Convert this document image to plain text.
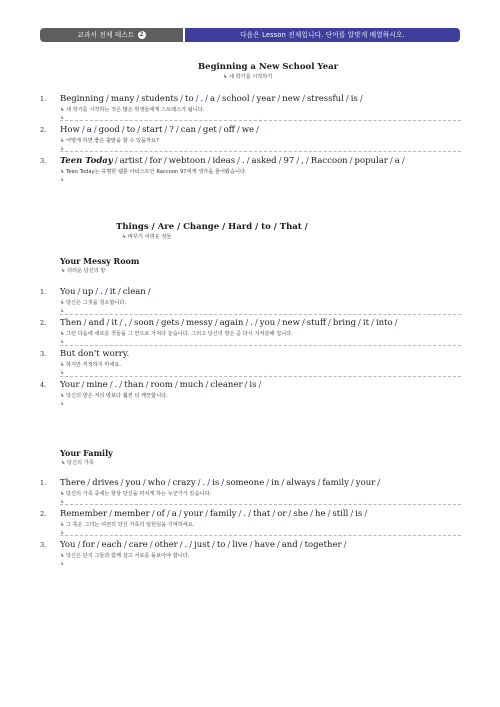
교과서 전체 테스트 2	다음은 Lesson 전체입니다. 단어를 알맞게 배열하시오.
Beginning a New School Year
↳ 새 학기를 시작하기
Things / Are / Change / Hard / to / That /
↳ 바꾸기 어려운 것들
Your Messy Room
↳ 더러운 당신의 방
Your Family
↳ 당신의 가족
1. Beginning / many / students / to / . / a / school / year / new / stressful / is /
↳ 새 학기를 시작하는 것은 많은 학생들에게 스트레스가 됩니다.
↳
2. How / a / good / to / start / ? / can / get / off / we /
↳ 어떻게 하면 좋은 출발을 할 수 있을까요?
↳
3. Teen Today / artist / for / webtoon / ideas / . / asked / 97 / , / Raccoon / popular / a /
↳ Teen Today는 유명한 웹툰 아티스트인 Raccoon 97에게 생각을 물어봤습니다.
↳
1. You / up / . / it / clean /
↳ 당신은 그것을 청소합니다.
↳
2. Then / and / it / , / soon / gets / messy / again / . / you / new / stuff / bring / it / into /
↳ 그런 다음에 새로운 것들을 그 안으로 가져다 놓습니다. 그리고 당신의 방은 곧 다시 지저분해 집니다.
↳
3. But don't worry.
↳ 하지만 걱정하지 마세요.
↳
4. Your / mine / . / than / room / much / cleaner / is /
↳ 당신의 방은 저의 방보다 훨씬 더 깨끗합니다.
↳
1. There / drives / you / who / crazy / . / is / someone / in / always / family / your /
↳ 당신의 가족 중에는 항상 당신을 미치게 하는 누군가가 있습니다.
↳
2. Remember / member / of / a / your / family / . / that / or / she / he / still / is /
↳ 그 혹은 그녀는 여전히 당신 가족의 일원임을 기억하세요.
↳
3. You / for / each / care / other / . / just / to / live / have / and / together /
↳ 당신은 단지 그들과 함께 살고 서로를 돌보아야 합니다.
↳
